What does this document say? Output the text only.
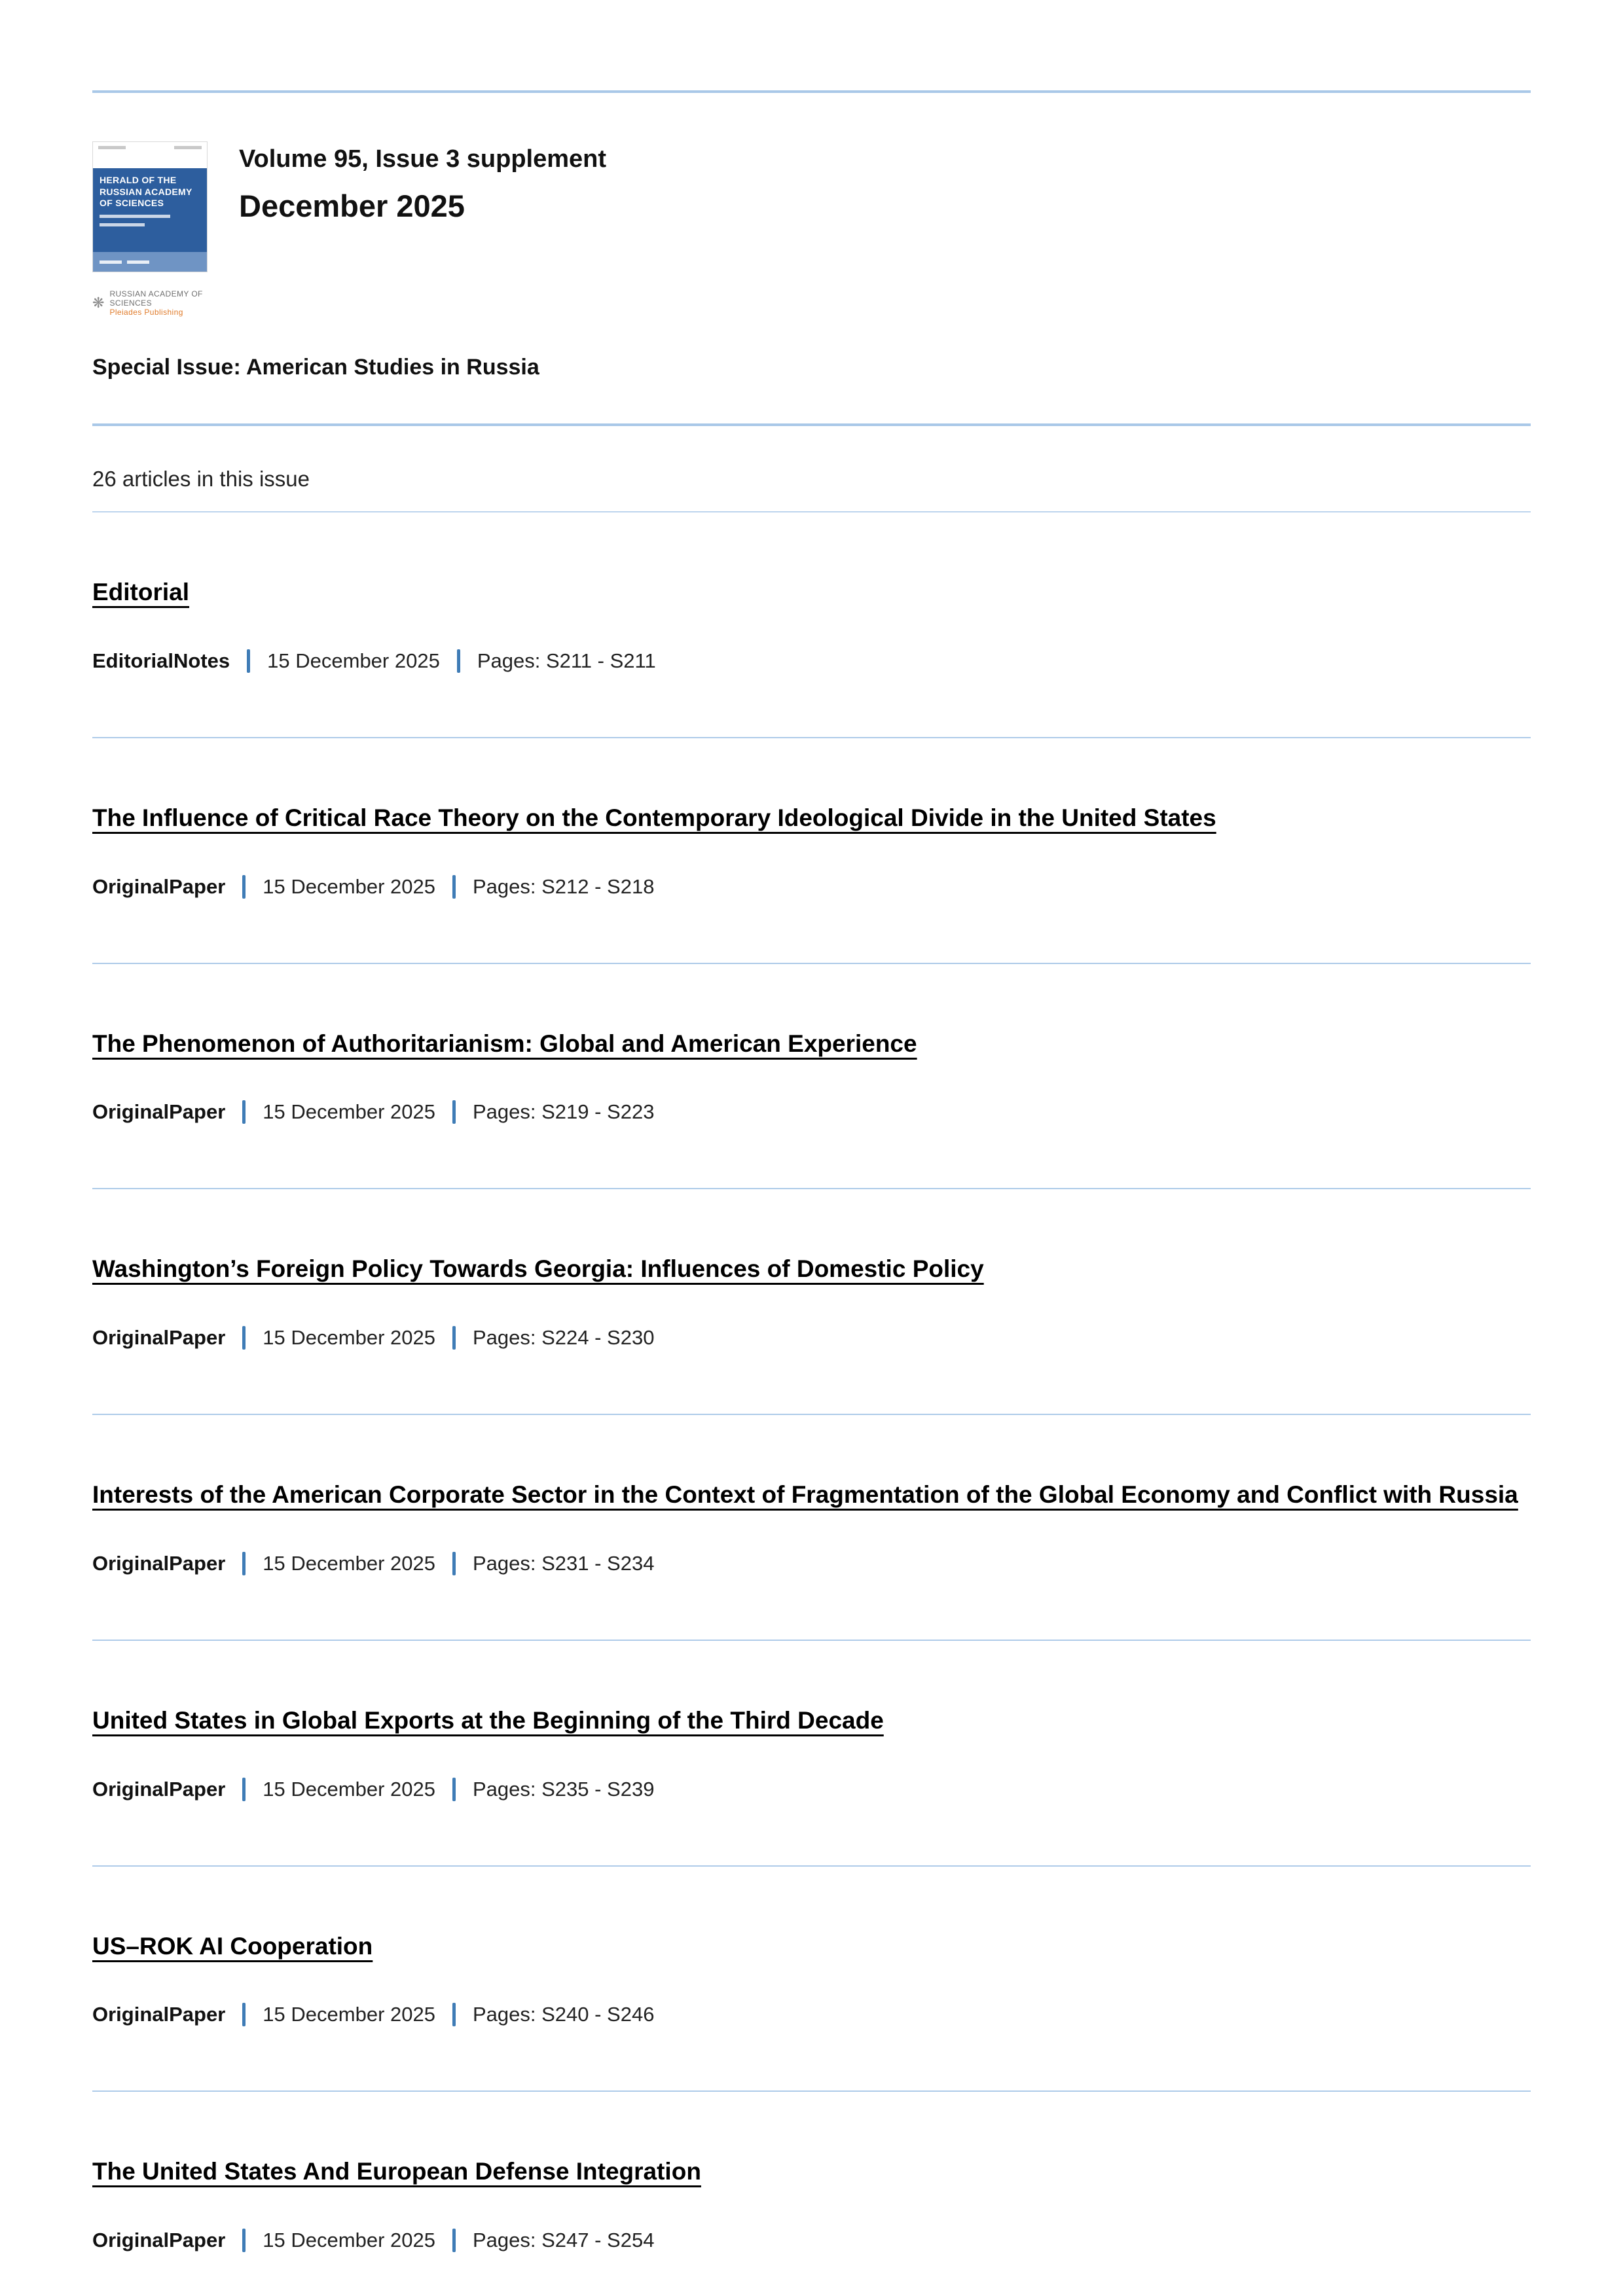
HERALD OF THE RUSSIAN ACADEMY OF SCIENCES
❋
RUSSIAN ACADEMY OF SCIENCES
Pleiades Publishing
Volume 95, Issue 3 supplement
December 2025
Special Issue: American Studies in Russia
26 articles in this issue
Editorial
EditorialNotes 15 December 2025 Pages: S211 - S211
The Influence of Critical Race Theory on the Contemporary Ideological Divide in the United States
OriginalPaper 15 December 2025 Pages: S212 - S218
The Phenomenon of Authoritarianism: Global and American Experience
OriginalPaper 15 December 2025 Pages: S219 - S223
Washington’s Foreign Policy Towards Georgia: Influences of Domestic Policy
OriginalPaper 15 December 2025 Pages: S224 - S230
Interests of the American Corporate Sector in the Context of Fragmentation of the Global Economy and Conflict with Russia
OriginalPaper 15 December 2025 Pages: S231 - S234
United States in Global Exports at the Beginning of the Third Decade
OriginalPaper 15 December 2025 Pages: S235 - S239
US–ROK AI Cooperation
OriginalPaper 15 December 2025 Pages: S240 - S246
The United States And European Defense Integration
OriginalPaper 15 December 2025 Pages: S247 - S254
